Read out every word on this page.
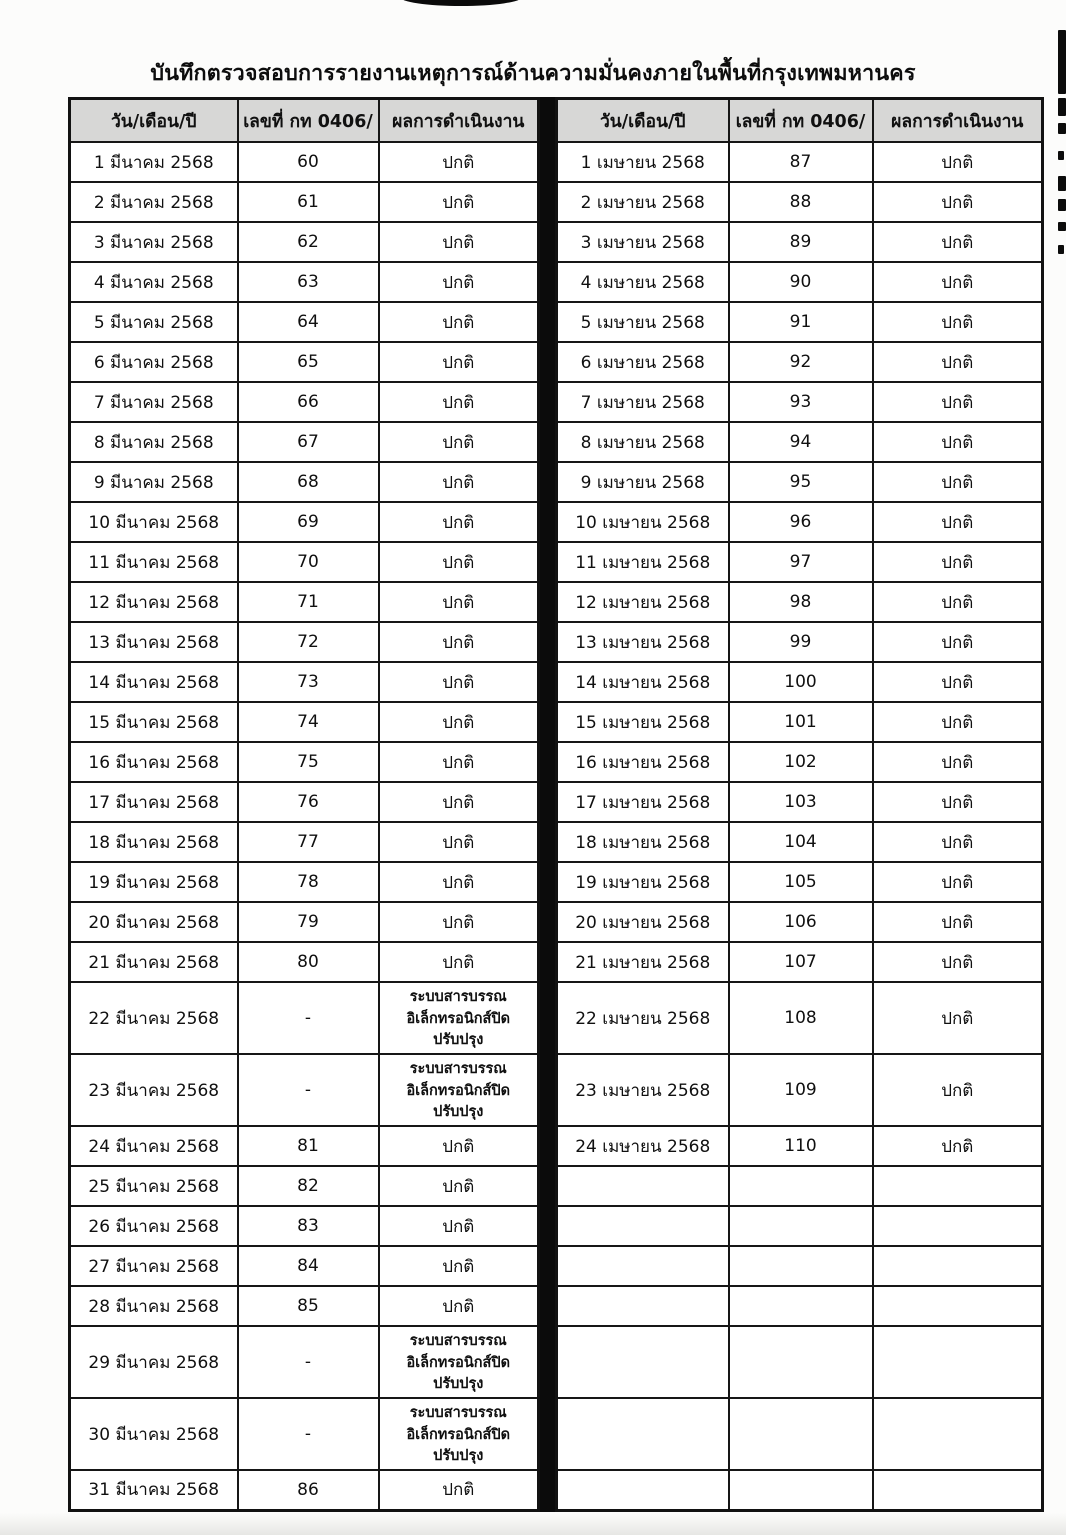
บันทึกตรวจสอบการรายงานเหตุการณ์ด้านความมั่นคงภายในพื้นที่กรุงเทพมหานคร
วัน/เดือน/ปี	เลขที่ กท 0406/	ผลการดำเนินงาน
1 มีนาคม 2568	60	ปกติ
2 มีนาคม 2568	61	ปกติ
3 มีนาคม 2568	62	ปกติ
4 มีนาคม 2568	63	ปกติ
5 มีนาคม 2568	64	ปกติ
6 มีนาคม 2568	65	ปกติ
7 มีนาคม 2568	66	ปกติ
8 มีนาคม 2568	67	ปกติ
9 มีนาคม 2568	68	ปกติ
10 มีนาคม 2568	69	ปกติ
11 มีนาคม 2568	70	ปกติ
12 มีนาคม 2568	71	ปกติ
13 มีนาคม 2568	72	ปกติ
14 มีนาคม 2568	73	ปกติ
15 มีนาคม 2568	74	ปกติ
16 มีนาคม 2568	75	ปกติ
17 มีนาคม 2568	76	ปกติ
18 มีนาคม 2568	77	ปกติ
19 มีนาคม 2568	78	ปกติ
20 มีนาคม 2568	79	ปกติ
21 มีนาคม 2568	80	ปกติ
22 มีนาคม 2568	-	ระบบสารบรรณ
อิเล็กทรอนิกส์ปิดปรับปรุง

23 มีนาคม 2568	-	ระบบสารบรรณ
อิเล็กทรอนิกส์ปิดปรับปรุง

24 มีนาคม 2568	81	ปกติ
25 มีนาคม 2568	82	ปกติ
26 มีนาคม 2568	83	ปกติ
27 มีนาคม 2568	84	ปกติ
28 มีนาคม 2568	85	ปกติ
29 มีนาคม 2568	-	ระบบสารบรรณ
อิเล็กทรอนิกส์ปิดปรับปรุง

30 มีนาคม 2568	-	ระบบสารบรรณ
อิเล็กทรอนิกส์ปิดปรับปรุง

31 มีนาคม 2568	86	ปกติ
วัน/เดือน/ปี	เลขที่ กท 0406/	ผลการดำเนินงาน
1 เมษายน 2568	87	ปกติ
2 เมษายน 2568	88	ปกติ
3 เมษายน 2568	89	ปกติ
4 เมษายน 2568	90	ปกติ
5 เมษายน 2568	91	ปกติ
6 เมษายน 2568	92	ปกติ
7 เมษายน 2568	93	ปกติ
8 เมษายน 2568	94	ปกติ
9 เมษายน 2568	95	ปกติ
10 เมษายน 2568	96	ปกติ
11 เมษายน 2568	97	ปกติ
12 เมษายน 2568	98	ปกติ
13 เมษายน 2568	99	ปกติ
14 เมษายน 2568	100	ปกติ
15 เมษายน 2568	101	ปกติ
16 เมษายน 2568	102	ปกติ
17 เมษายน 2568	103	ปกติ
18 เมษายน 2568	104	ปกติ
19 เมษายน 2568	105	ปกติ
20 เมษายน 2568	106	ปกติ
21 เมษายน 2568	107	ปกติ
22 เมษายน 2568	108	ปกติ
23 เมษายน 2568	109	ปกติ
24 เมษายน 2568	110	ปกติ
